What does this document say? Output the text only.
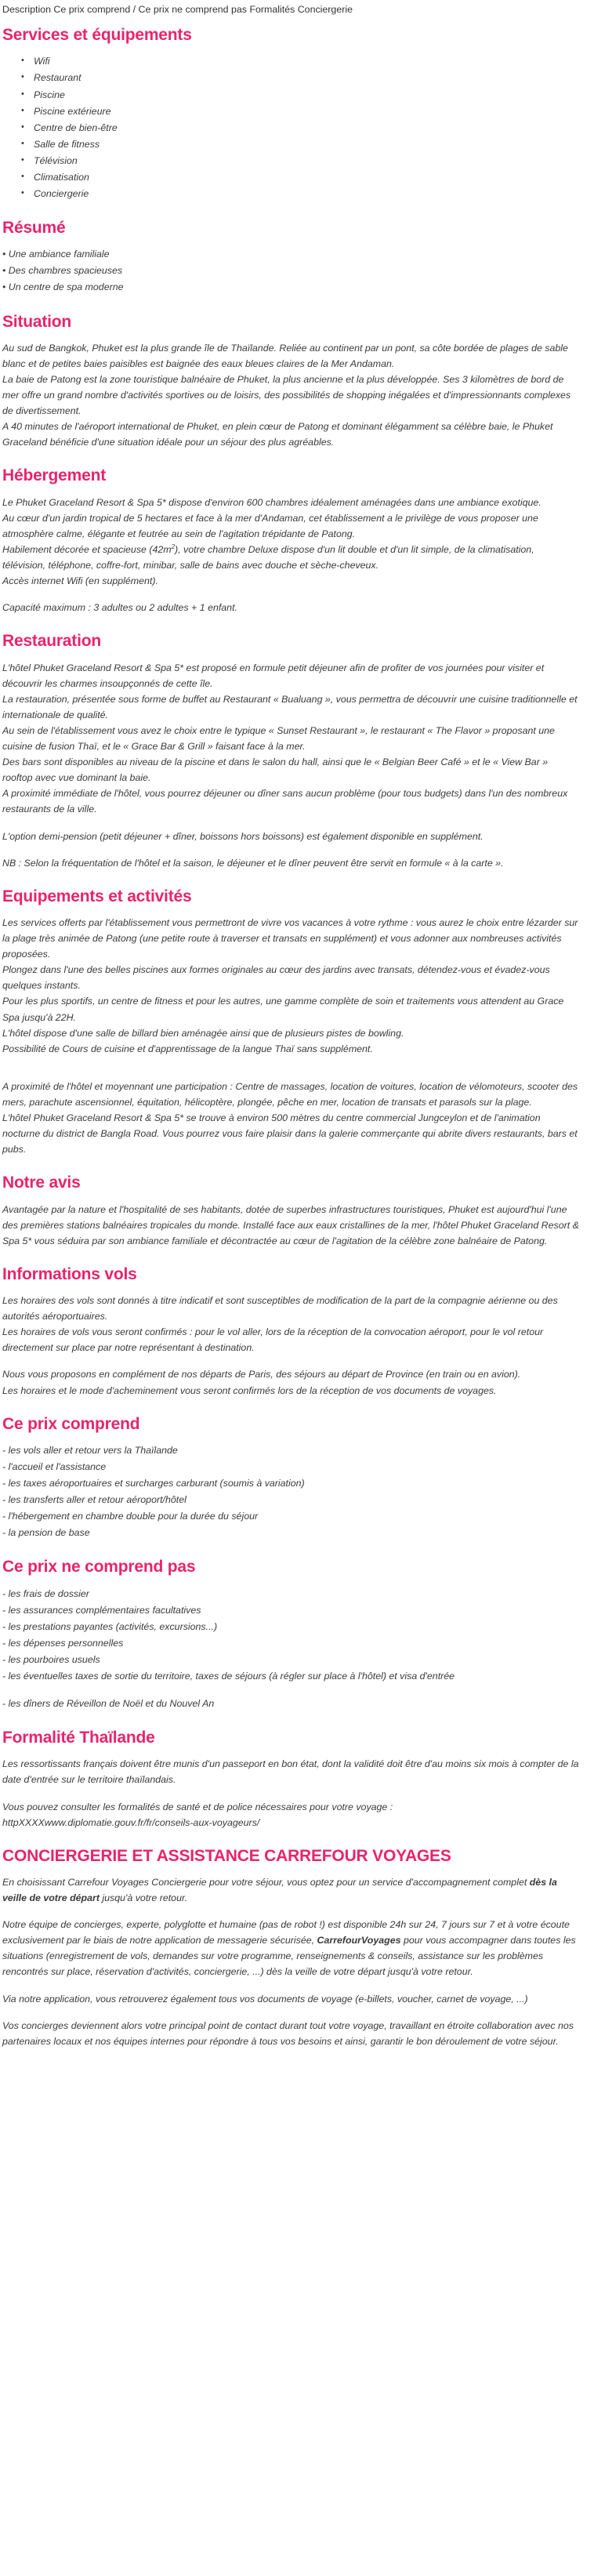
Description Ce prix comprend / Ce prix ne comprend pas Formalités Conciergerie
Services et équipements
• Wifi
• Restaurant
• Piscine
• Piscine extérieure
• Centre de bien-être
• Salle de fitness
• Télévision
• Climatisation
• Conciergerie
Résumé
• Une ambiance familiale
• Des chambres spacieuses
• Un centre de spa moderne
Situation

Au sud de Bangkok, Phuket est la plus grande île de Thaïlande. Reliée au continent par un pont, sa côte bordée de plages de sable blanc et de petites baies paisibles est baignée des eaux bleues claires de la Mer Andaman.
La baie de Patong est la zone touristique balnéaire de Phuket, la plus ancienne et la plus développée. Ses 3 kilomètres de bord de mer offre un grand nombre d'activités sportives ou de loisirs, des possibilités de shopping inégalées et d'impressionnants complexes de divertissement.
A 40 minutes de l'aéroport international de Phuket, en plein cœur de Patong et dominant élégamment sa célèbre baie, le Phuket Graceland bénéficie d'une situation idéale pour un séjour des plus agréables.

Hébergement

Le Phuket Graceland Resort & Spa 5* dispose d'environ 600 chambres idéalement aménagées dans une ambiance exotique.
Au cœur d'un jardin tropical de 5 hectares et face à la mer d'Andaman, cet établissement a le privilège de vous proposer une atmosphère calme, élégante et feutrée au sein de l'agitation trépidante de Patong.
Habilement décorée et spacieuse $(42m^2)$, votre chambre Deluxe dispose d'un lit double et d'un lit simple, de la climatisation, télévision, téléphone, coffre-fort, minibar, salle de bains avec douche et sèche-cheveux.
Accès internet Wifi (en supplément).

Capacité maximum : 3 adultes ou 2 adultes + 1 enfant.

Restauration

L'hôtel Phuket Graceland Resort & Spa 5* est proposé en formule petit déjeuner afin de profiter de vos journées pour visiter et découvrir les charmes insoupçonnés de cette île.
La restauration, présentée sous forme de buffet au Restaurant « Bualuang », vous permettra de découvrir une cuisine traditionnelle et internationale de qualité.
Au sein de l'établissement vous avez le choix entre le typique « Sunset Restaurant », le restaurant « The Flavor » proposant une cuisine de fusion Thaï, et le « Grace Bar & Grill » faisant face à la mer.
Des bars sont disponibles au niveau de la piscine et dans le salon du hall, ainsi que le « Belgian Beer Café » et le « View Bar » rooftop avec vue dominant la baie.
A proximité immédiate de l'hôtel, vous pourrez déjeuner ou dîner sans aucun problème (pour tous budgets) dans l'un des nombreux restaurants de la ville.

L'option demi-pension (petit déjeuner + dîner, boissons hors boissons) est également disponible en supplément.

NB : Selon la fréquentation de l'hôtel et la saison, le déjeuner et le dîner peuvent être servit en formule « à la carte ».

Equipements et activités

Les services offerts par l'établissement vous permettront de vivre vos vacances à votre rythme : vous aurez le choix entre lézarder sur la plage très animée de Patong (une petite route à traverser et transats en supplément) et vous adonner aux nombreuses activités proposées.
Plongez dans l'une des belles piscines aux formes originales au cœur des jardins avec transats, détendez-vous et évadez-vous quelques instants.
Pour les plus sportifs, un centre de fitness et pour les autres, une gamme complète de soin et traitements vous attendent au Grace Spa jusqu'à 22H.
L'hôtel dispose d'une salle de billard bien aménagée ainsi que de plusieurs pistes de bowling.
Possibilité de Cours de cuisine et d'apprentissage de la langue Thaï sans supplément.

A proximité de l'hôtel et moyennant une participation : Centre de massages, location de voitures, location de vélomoteurs, scooter des mers, parachute ascensionnel, équitation, hélicoptère, plongée, pêche en mer, location de transats et parasols sur la plage.
L'hôtel Phuket Graceland Resort & Spa 5* se trouve à environ 500 mètres du centre commercial Jungceylon et de l'animation nocturne du district de Bangla Road. Vous pourrez vous faire plaisir dans la galerie commerçante qui abrite divers restaurants, bars et pubs.

Notre avis

Avantagée par la nature et l'hospitalité de ses habitants, dotée de superbes infrastructures touristiques, Phuket est aujourd'hui l'une des premières stations balnéaires tropicales du monde. Installé face aux eaux cristallines de la mer, l'hôtel Phuket Graceland Resort & Spa 5* vous séduira par son ambiance familiale et décontractée au cœur de l'agitation de la célèbre zone balnéaire de Patong.

Informations vols

Les horaires des vols sont donnés à titre indicatif et sont susceptibles de modification de la part de la compagnie aérienne ou des autorités aéroportuaires.
Les horaires de vols vous seront confirmés : pour le vol aller, lors de la réception de la convocation aéroport, pour le vol retour directement sur place par notre représentant à destination.

Nous vous proposons en complément de nos départs de Paris, des séjours au départ de Province (en train ou en avion).
Les horaires et le mode d'acheminement vous seront confirmés lors de la réception de vos documents de voyages.

Ce prix comprend
- les vols aller et retour vers la Thaïlande
- l'accueil et l'assistance
- les taxes aéroportuaires et surcharges carburant (soumis à variation)
- les transferts aller et retour aéroport/hôtel
- l'hébergement en chambre double pour la durée du séjour
- la pension de base
Ce prix ne comprend pas
- les frais de dossier
- les assurances complémentaires facultatives
- les prestations payantes (activités, excursions...)
- les dépenses personnelles
- les pourboires usuels
- les éventuelles taxes de sortie du territoire, taxes de séjours (à régler sur place à l'hôtel) et visa d'entrée
- les dîners de Réveillon de Noël et du Nouvel An
Formalité Thaïlande

Les ressortissants français doivent être munis d'un passeport en bon état, dont la validité doit être d'au moins six mois à compter de la date d'entrée sur le territoire thaïlandais.

Vous pouvez consulter les formalités de santé et de police nécessaires pour votre voyage :
httpXXXXwww.diplomatie.gouv.fr/fr/conseils-aux-voyageurs/

CONCIERGERIE ET ASSISTANCE CARREFOUR VOYAGES

En choisissant Carrefour Voyages Conciergerie pour votre séjour, vous optez pour un service d'accompagnement complet dès la veille de votre départ jusqu'à votre retour.

Notre équipe de concierges, experte, polyglotte et humaine (pas de robot !) est disponible 24h sur 24, 7 jours sur 7 et à votre écoute exclusivement par le biais de notre application de messagerie sécurisée, CarrefourVoyages pour vous accompagner dans toutes les situations (enregistrement de vols, demandes sur votre programme, renseignements & conseils, assistance sur les problèmes rencontrés sur place, réservation d'activités, conciergerie, ...) dès la veille de votre départ jusqu'à votre retour.

Via notre application, vous retrouverez également tous vos documents de voyage (e-billets, voucher, carnet de voyage, ...)

Vos concierges deviennent alors votre principal point de contact durant tout votre voyage, travaillant en étroite collaboration avec nos partenaires locaux et nos équipes internes pour répondre à tous vos besoins et ainsi, garantir le bon déroulement de votre séjour.
